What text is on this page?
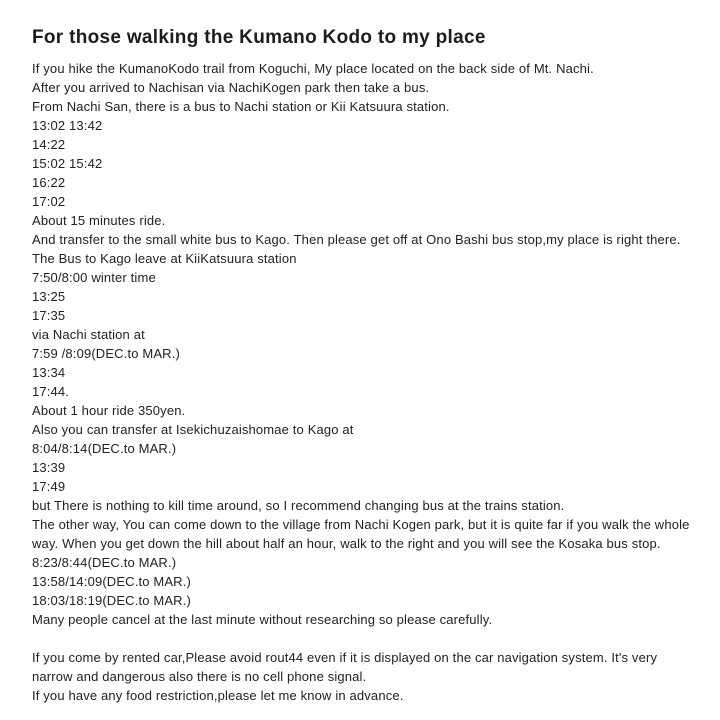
For those walking the Kumano Kodo to my place
If you hike the KumanoKodo trail from Koguchi, My place located on the back side of Mt. Nachi.
After you arrived to Nachisan via NachiKogen park then take a bus.
From Nachi San, there is a bus to Nachi station or Kii Katsuura station.
13:02 13:42
14:22
15:02 15:42
16:22
17:02
About 15 minutes ride.
And transfer to the small white bus to Kago. Then please get off at Ono Bashi bus stop,my place is right there.
The Bus to Kago leave at KiiKatsuura station
7:50/8:00 winter time
13:25
17:35
via Nachi station at
7:59 /8:09(DEC.to MAR.)
13:34
17:44.
About 1 hour ride 350yen.
Also you can transfer at Isekichuzaishomae to Kago at
8:04/8:14(DEC.to MAR.)
13:39
17:49
but There is nothing to kill time around, so I recommend changing bus at the trains station.
The other way, You can come down to the village from Nachi Kogen park, but it is quite far if you walk the whole
way. When you get down the hill about half an hour, walk to the right and you will see the Kosaka bus stop.
8:23/8:44(DEC.to MAR.)
13:58/14:09(DEC.to MAR.)
18:03/18:19(DEC.to MAR.)
Many people cancel at the last minute without researching so please carefully.
If you come by rented car,Please avoid rout44 even if it is displayed on the car navigation system. It's very
narrow and dangerous also there is no cell phone signal.
If you have any food restriction,please let me know in advance.
